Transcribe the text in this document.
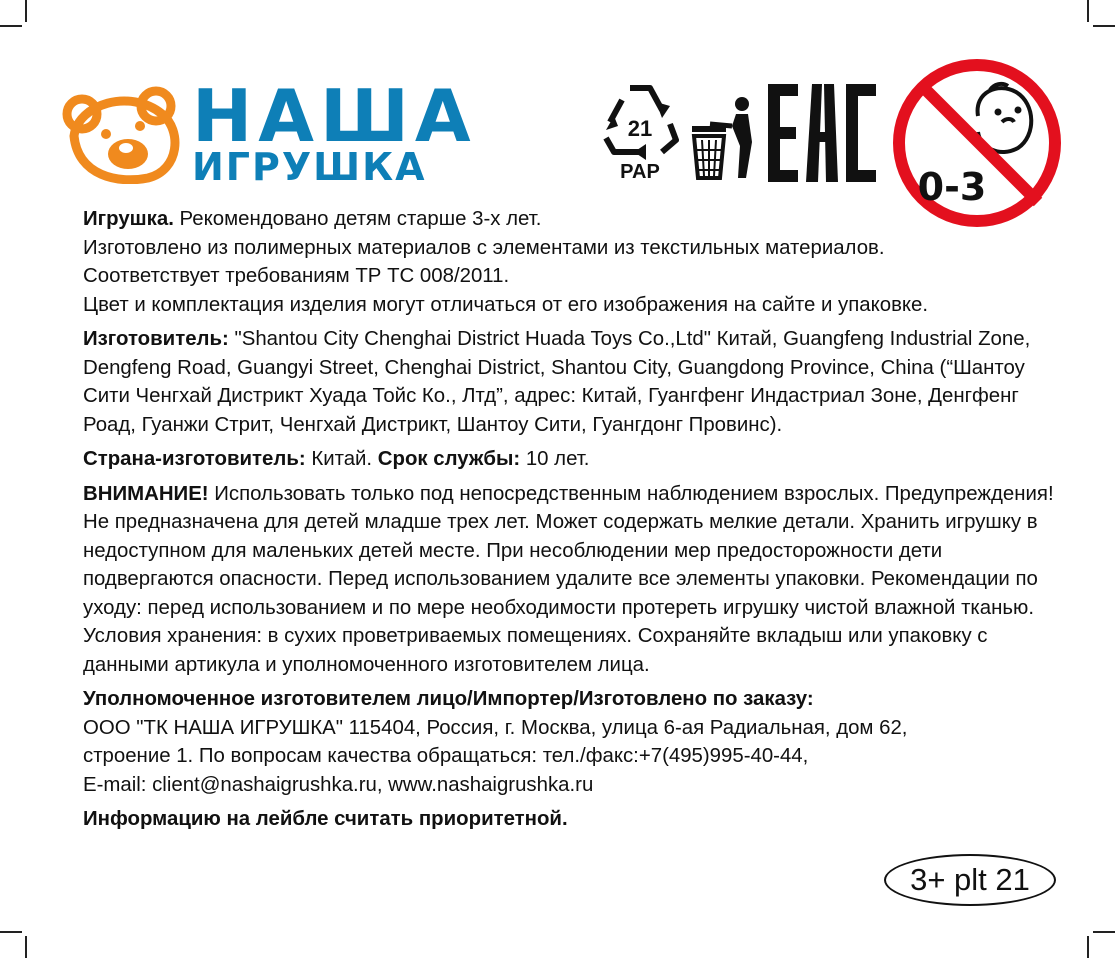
НАША
ИГРУШКА
21
PAP	0-3

Игрушка. Рекомендовано детям старше 3-х лет.
Изготовлено из полимерных материалов с элементами из текстильных материалов.
Соответствует требованиям ТР ТС 008/2011.
Цвет и комплектация изделия могут отличаться от его изображения на сайте и упаковке.

Изготовитель: "Shantou City Chenghai District Huada Toys Co.,Ltd" Китай, Guangfeng Industrial Zone, Dengfeng Road, Guangyi Street, Chenghai District, Shantou City, Guangdong Province, China (“Шантоу Сити Ченгхай Дистрикт Хуада Тойс Ко., Лтд”, адрес: Китай, Гуангфенг Индастриал Зоне, Денгфенг Роад, Гуанжи Стрит, Ченгхай Дистрикт, Шантоу Сити, Гуангдонг Провинс).

Страна-изготовитель: Китай. Срок службы: 10 лет.

ВНИМАНИЕ! Использовать только под непосредственным наблюдением взрослых. Предупреждения! Не предназначена для детей младше трех лет. Может содержать мелкие детали. Хранить игрушку в недоступном для маленьких детей месте. При несоблюдении мер предосторожности дети подвергаются опасности. Перед использованием удалите все элементы упаковки. Рекомендации по уходу: перед использованием и по мере необходимости протереть игрушку чистой влажной тканью. Условия хранения: в сухих проветриваемых помещениях. Сохраняйте вкладыш или упаковку с данными артикула и уполномоченного изготовителем лица.

Уполномоченное изготовителем лицо/Импортер/Изготовлено по заказу:
ООО "ТК НАША ИГРУШКА" 115404, Россия, г. Москва, улица 6-ая Радиальная, дом 62,
строение 1. По вопросам качества обращаться: тел./факс:+7(495)995-40-44,
E-mail: client@nashaigrushka.ru, www.nashaigrushka.ru

Информацию на лейбле считать приоритетной.

3+ plt 21
